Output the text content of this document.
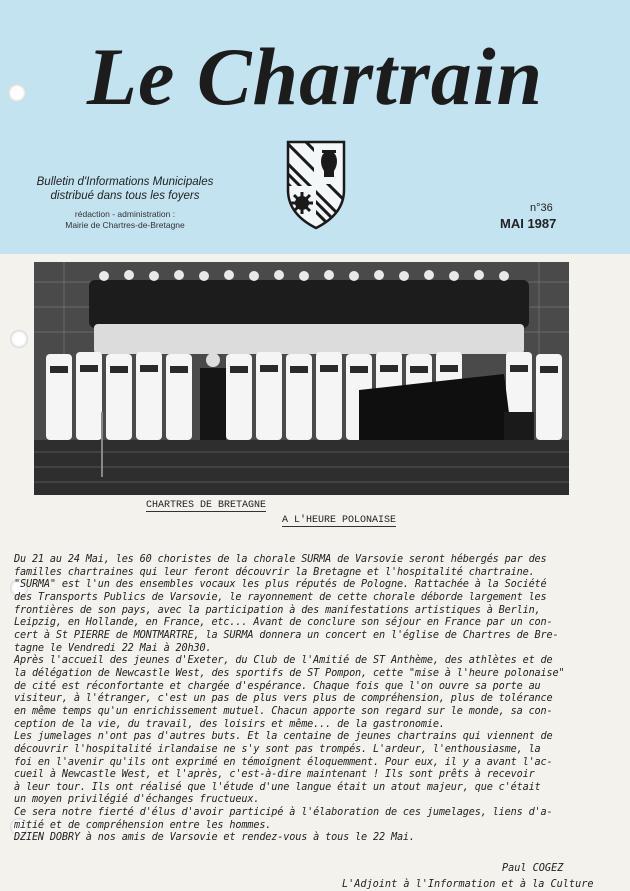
Le Chartrain
Bulletin d'Informations Municipales
distribué dans tous les foyers
rédaction - administration :
Mairie de Chartres-de-Bretagne
n°36
MAI 1987
CHARTRES DE BRETAGNE
A L'HEURE POLONAISE
Du 21 au 24 Mai, les 60 choristes de la chorale SURMA de Varsovie seront hébergés par des
familles chartraines qui leur feront découvrir la Bretagne et l'hospitalité chartraine.
"SURMA" est l'un des ensembles vocaux les plus réputés de Pologne. Rattachée à la Société
des Transports Publics de Varsovie, le rayonnement de cette chorale déborde largement les
frontières de son pays, avec la participation à des manifestations artistiques à Berlin,
Leipzig, en Hollande, en France, etc... Avant de conclure son séjour en France par un con-
cert à St PIERRE de MONTMARTRE, la SURMA donnera un concert en l'église de Chartres de Bre-
tagne le Vendredi 22 Mai à 20h30.
Après l'accueil des jeunes d'Exeter, du Club de l'Amitié de ST Anthème, des athlètes et de
la délégation de Newcastle West, des sportifs de ST Pompon, cette "mise à l'heure polonaise"
de cité est réconfortante et chargée d'espérance. Chaque fois que l'on ouvre sa porte au
visiteur, à l'étranger, c'est un pas de plus vers plus de compréhension, plus de tolérance
en même temps qu'un enrichissement mutuel. Chacun apporte son regard sur le monde, sa con-
ception de la vie, du travail, des loisirs et même... de la gastronomie.
Les jumelages n'ont pas d'autres buts. Et la centaine de jeunes chartrains qui viennent de
découvrir l'hospitalité irlandaise ne s'y sont pas trompés. L'ardeur, l'enthousiasme, la
foi en l'avenir qu'ils ont exprimé en témoignent éloquemment. Pour eux, il y a avant l'ac-
cueil à Newcastle West, et l'après, c'est-à-dire maintenant ! Ils sont prêts à recevoir
à leur tour. Ils ont réalisé que l'étude d'une langue était un atout majeur, que c'était
un moyen privilégié d'échanges fructueux.
Ce sera notre fierté d'élus d'avoir participé à l'élaboration de ces jumelages, liens d'a-
mitié et de compréhension entre les hommes.
DZIEN DOBRY à nos amis de Varsovie et rendez-vous à tous le 22 Mai.
Paul COGEZ
L'Adjoint à l'Information et à la Culture
